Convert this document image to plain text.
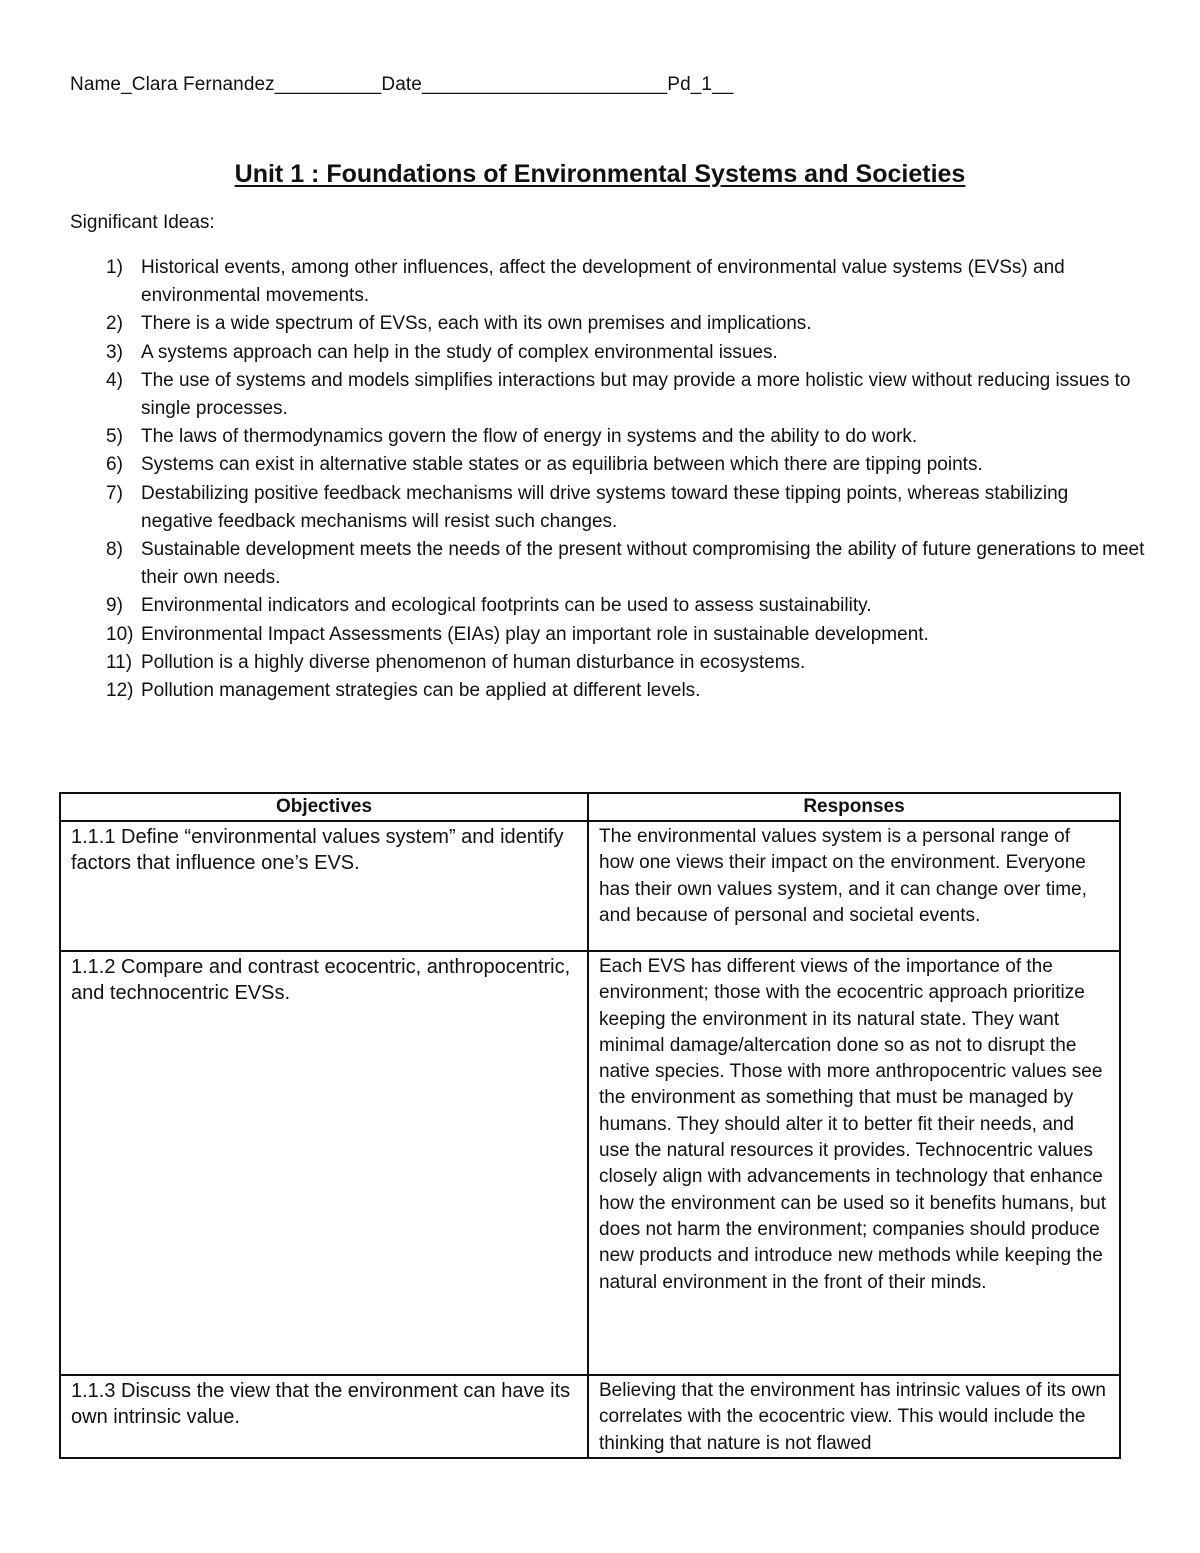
Name_Clara Fernandez__________Date_______________________Pd_1__
Unit 1 : Foundations of Environmental Systems and Societies
Significant Ideas:
1) Historical events, among other influences, affect the development of environmental value systems (EVSs) and environmental movements.
2) There is a wide spectrum of EVSs, each with its own premises and implications.
3) A systems approach can help in the study of complex environmental issues.
4) The use of systems and models simplifies interactions but may provide a more holistic view without reducing issues to single processes.
5) The laws of thermodynamics govern the flow of energy in systems and the ability to do work.
6) Systems can exist in alternative stable states or as equilibria between which there are tipping points.
7) Destabilizing positive feedback mechanisms will drive systems toward these tipping points, whereas stabilizing negative feedback mechanisms will resist such changes.
8) Sustainable development meets the needs of the present without compromising the ability of future generations to meet their own needs.
9) Environmental indicators and ecological footprints can be used to assess sustainability.
10) Environmental Impact Assessments (EIAs) play an important role in sustainable development.
11) Pollution is a highly diverse phenomenon of human disturbance in ecosystems.
12) Pollution management strategies can be applied at different levels.
Objectives	Responses
1.1.1 Define “environmental values system” and identify factors that influence one’s EVS.	The environmental values system is a personal range of how one views their impact on the environment. Everyone has their own values system, and it can change over time, and because of personal and societal events.
1.1.2 Compare and contrast ecocentric, anthropocentric, and technocentric EVSs.	Each EVS has different views of the importance of the environment; those with the ecocentric approach prioritize keeping the environment in its natural state. They want minimal damage/altercation done so as not to disrupt the native species. Those with more anthropocentric values see the environment as something that must be managed by humans. They should alter it to better fit their needs, and use the natural resources it provides. Technocentric values closely align with advancements in technology that enhance how the environment can be used so it benefits humans, but does not harm the environment; companies should produce new products and introduce new methods while keeping the natural environment in the front of their minds.
1.1.3 Discuss the view that the environment can have its own intrinsic value.	Believing that the environment has intrinsic values of its own correlates with the ecocentric view. This would include the thinking that nature is not flawed
